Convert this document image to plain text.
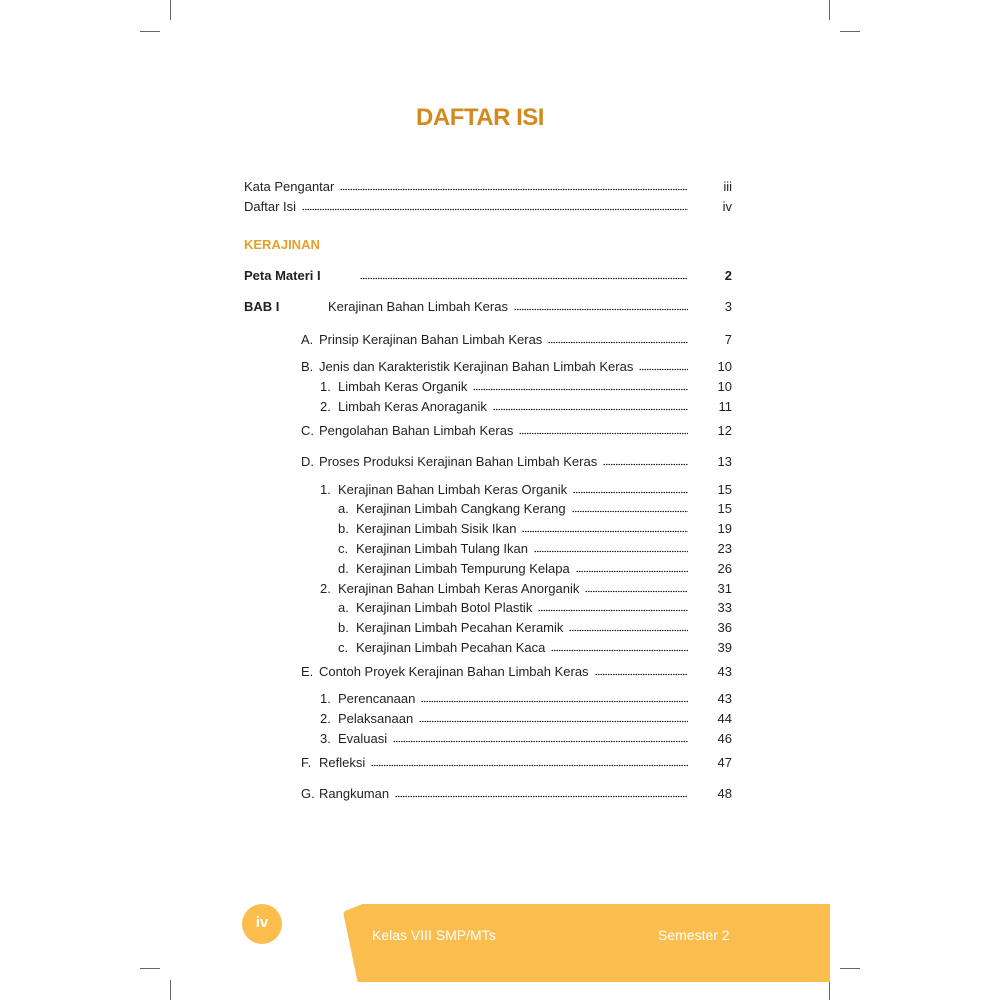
DAFTAR ISI
Kata Pengantar	iii
Daftar Isi	iv
KERAJINAN
Peta Materi I	2
BAB I	Kerajinan Bahan Limbah Keras	3
A. Prinsip Kerajinan Bahan Limbah Keras	7
B. Jenis dan Karakteristik Kerajinan Bahan Limbah Keras	10
1. Limbah Keras Organik	10
2. Limbah Keras Anoraganik	11
C. Pengolahan Bahan Limbah Keras	12
D. Proses Produksi Kerajinan Bahan Limbah Keras	13
1. Kerajinan Bahan Limbah Keras Organik	15
a. Kerajinan Limbah Cangkang Kerang	15
b. Kerajinan Limbah Sisik Ikan	19
c. Kerajinan Limbah Tulang Ikan	23
d. Kerajinan Limbah Tempurung Kelapa	26
2. Kerajinan Bahan Limbah Keras Anorganik	31
a. Kerajinan Limbah Botol Plastik	33
b. Kerajinan Limbah Pecahan Keramik	36
c. Kerajinan Limbah Pecahan Kaca	39
E. Contoh Proyek Kerajinan Bahan Limbah Keras	43
1. Perencanaan	43
2. Pelaksanaan	44
3. Evaluasi	46
F. Refleksi	47
G. Rangkuman	48
iv
Kelas VIII SMP/MTs	Semester 2
